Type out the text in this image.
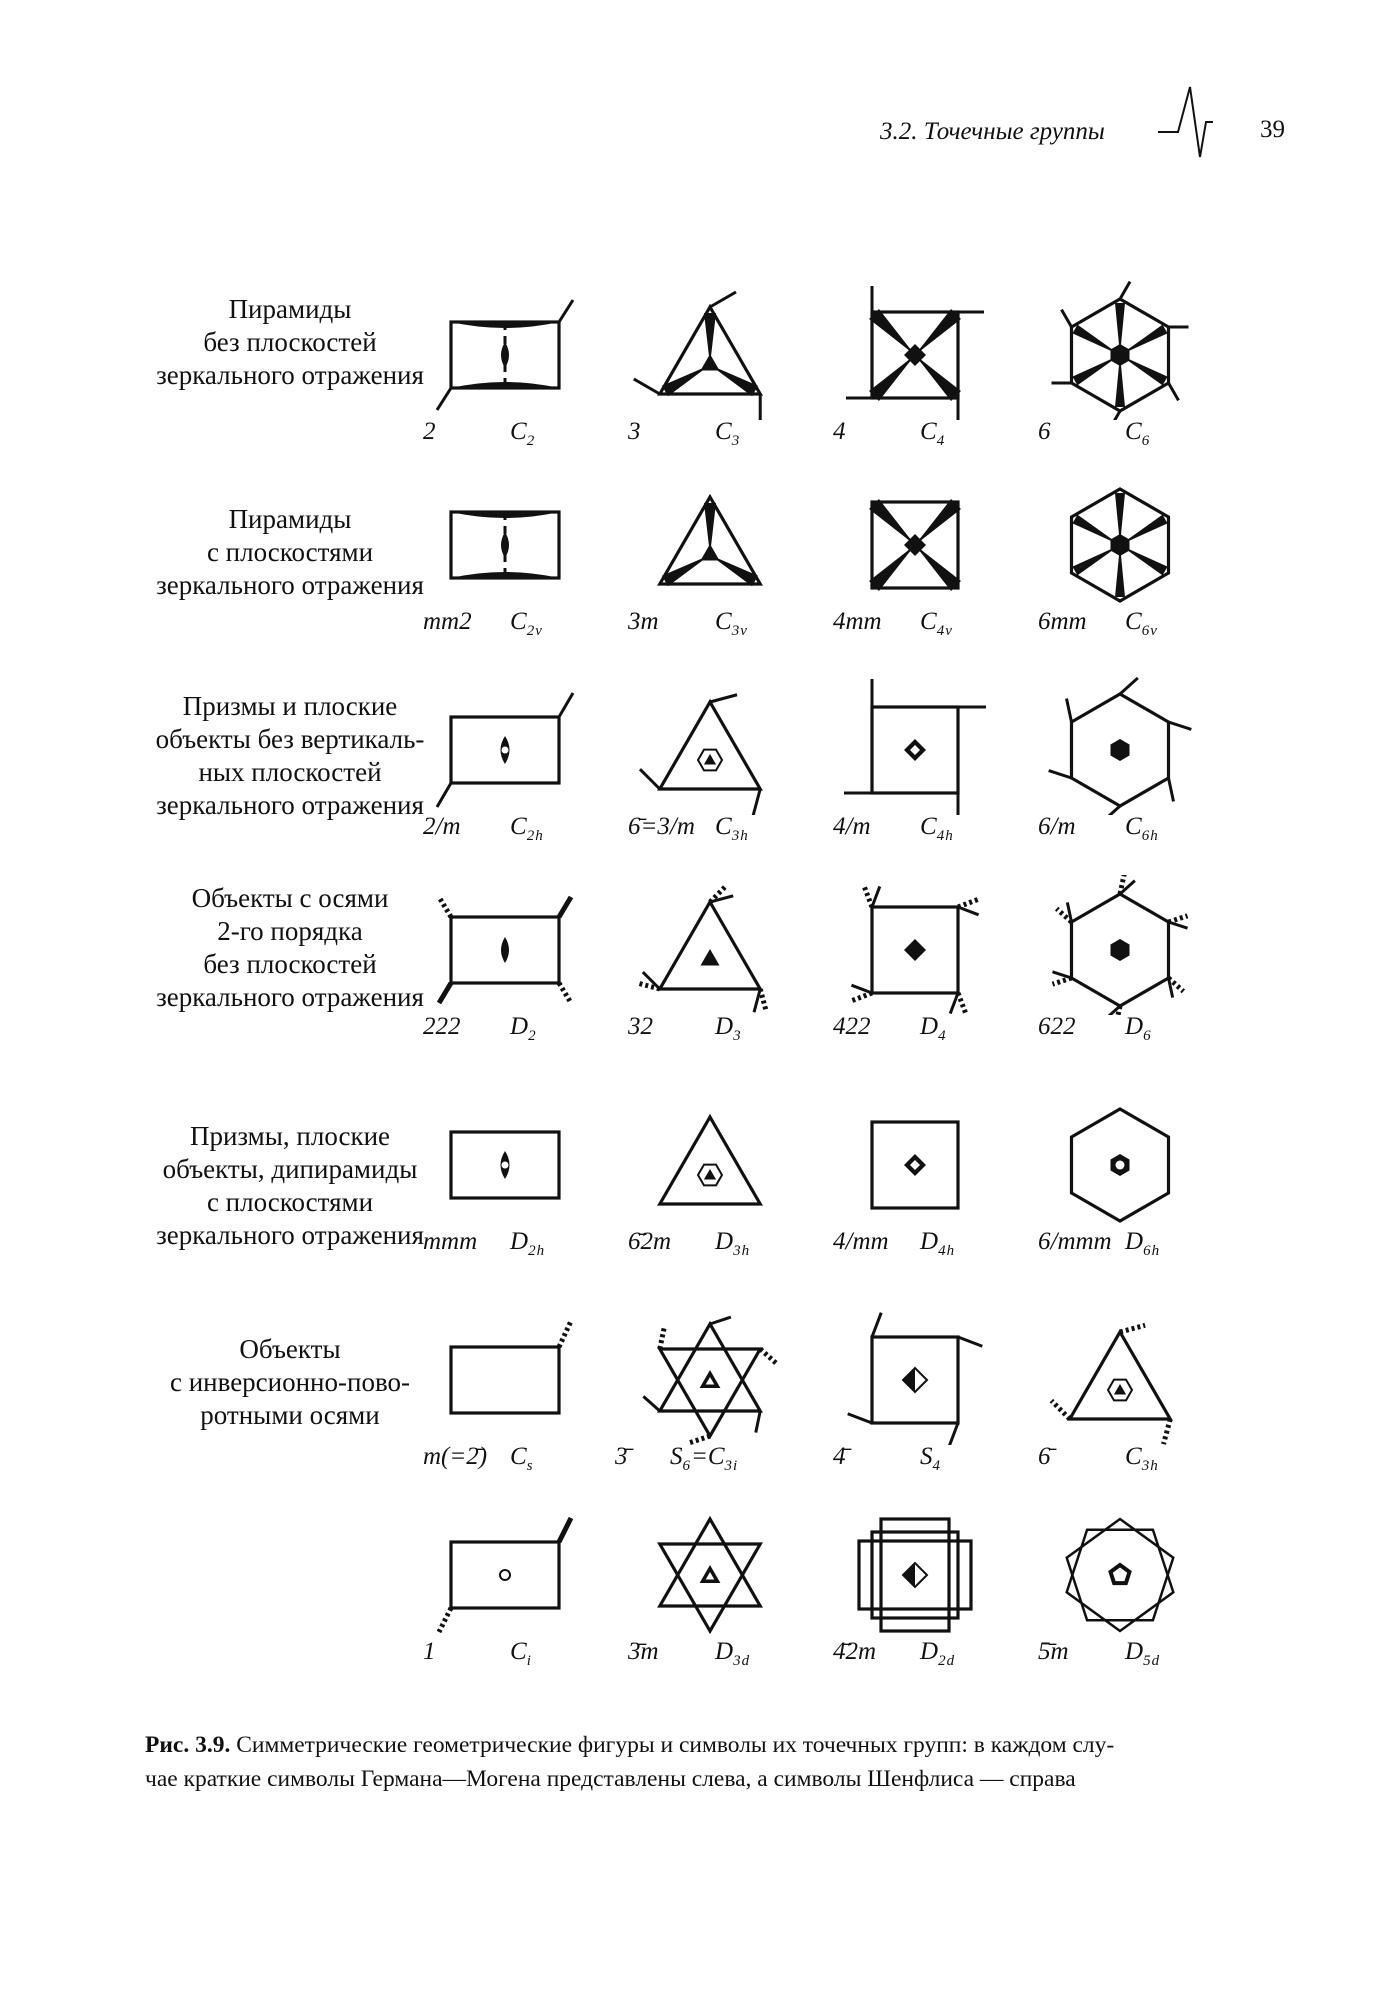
3.2. Точечные группы	39
Пирамиды
без плоскостей
зеркального отражения
Пирамиды
с плоскостями
зеркального отражения
Призмы и плоские
объекты без вертикаль-
ных плоскостей
зеркального отражения
Объекты с осями
2-го порядка
без плоскостей
зеркального отражения
Призмы, плоские
объекты, дипирамиды
с плоскостями
зеркального отражения
Объекты
с инверсионно-пово-
ротными осями
2	$C_2$	3	$C_3$	4	$C_4$	6	$C_6$
mm2 $C_{2v}$	3m $C_{3v}$	4mm $C_{4v}$	6mm $C_{6v}$
2/m $C_{2h}$	6̄=3/m $C_{3h}$	4/m $C_{4h}$	6/m $C_{6h}$
222 $D_2$	32 $D_3$	422 $D_4$	622 $D_6$
mmm $D_{2h}$	6̄2m $D_{3h}$	4/mm $D_{4h}$	6/mmm $D_{6h}$
m(=2̄) $C_s$	3̄ $S_6=C_{3i}$	4̄	$S_4$	6̄	$C_{3h}$
1	$C_i$	3̄m $D_{3d}$	4̄2m $D_{2d}$	5̄m $D_{5d}$
Рис. 3.9. Симметрические геометрические фигуры и символы их точечных групп: в каждом слу-
чае краткие символы Германа—Могена представлены слева, а символы Шенфлиса — справа
